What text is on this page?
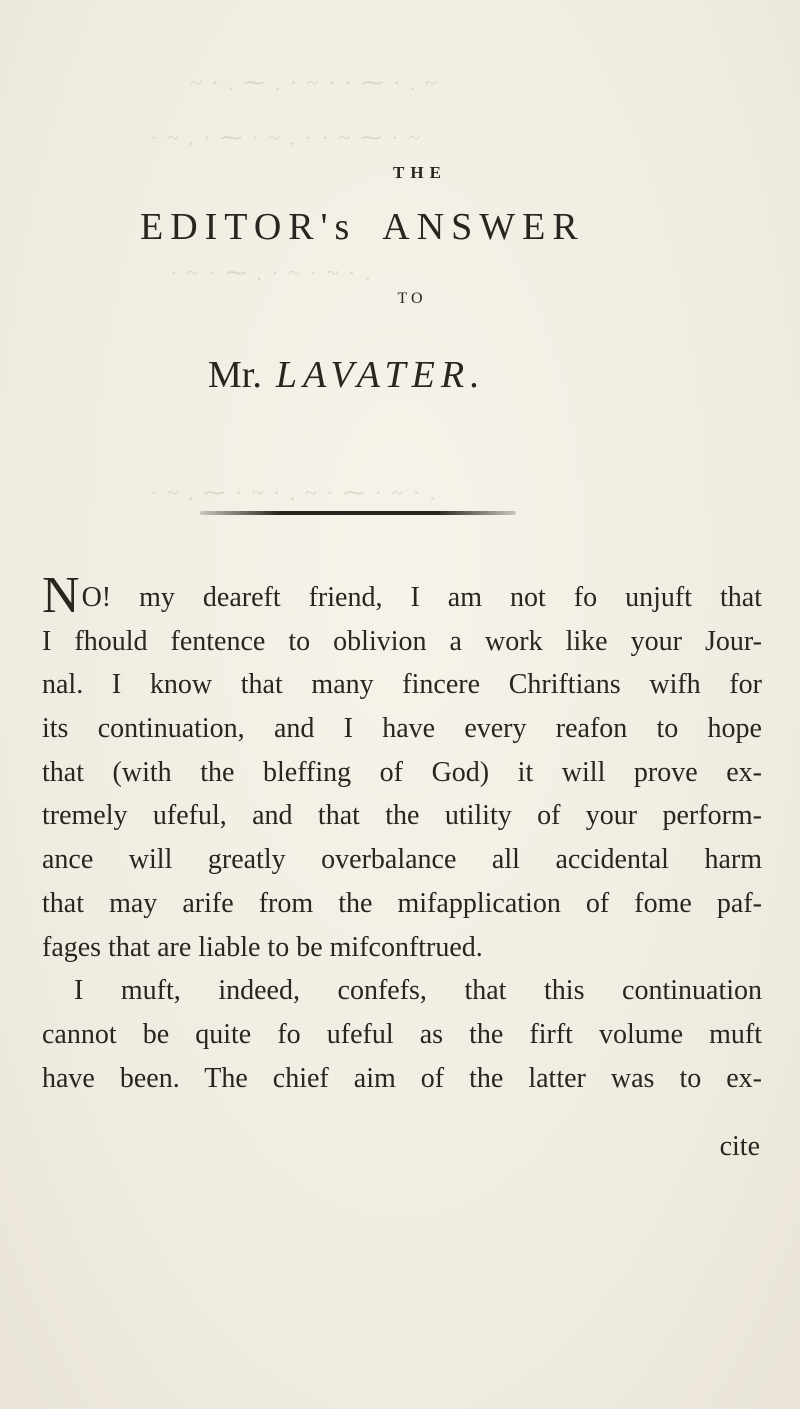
~ · . ⁓ . · ~ · · ⁓ · . ~
· ~ . · ⁓ · ~ . · · ~ ⁓ · ~
· ~ · ⁓ . · ~ · ~ · .
· ~ . ⁓ · ~ · . ~ · ⁓ · ~ · .
THE
EDITOR's ANSWER
TO
Mr. LAVATER.
NO! my deareft friend, I am not fo unjuft that
I fhould fentence to oblivion a work like your Jour-
nal. I know that many fincere Chriftians wifh for
its continuation, and I have every reafon to hope
that (with the bleffing of God) it will prove ex-
tremely ufeful, and that the utility of your perform-
ance will greatly overbalance all accidental harm
that may arife from the mifapplication of fome paf-
fages that are liable to be mifconftrued.
I muft, indeed, confefs, that this continuation
cannot be quite fo ufeful as the firft volume muft
have been. The chief aim of the latter was to ex-
cite
